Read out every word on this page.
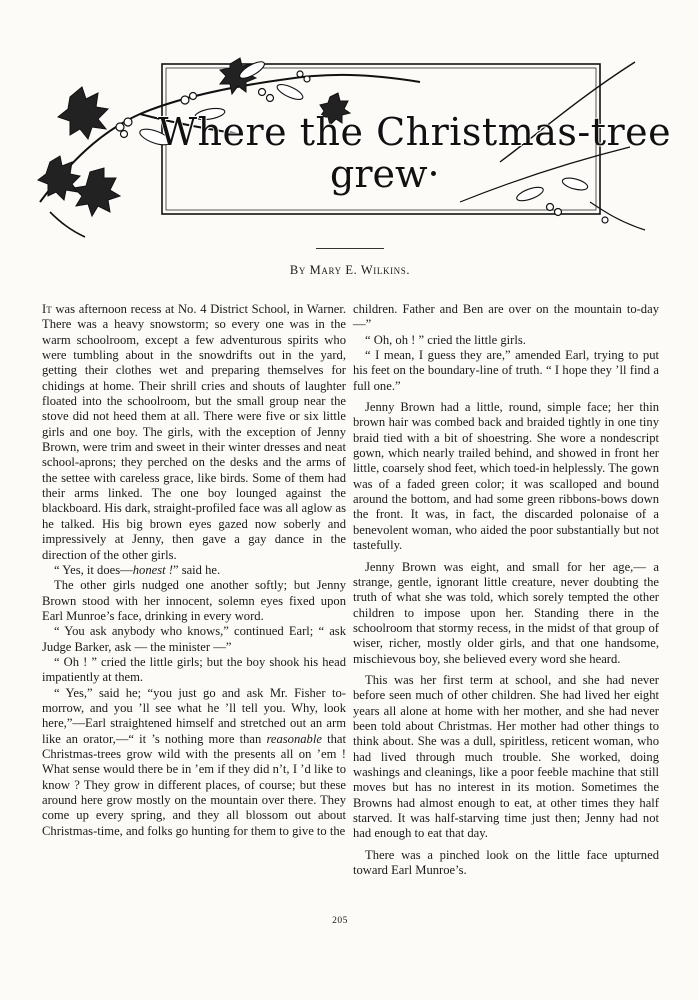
Where the Christmas-tree
grew·
By Mary E. Wilkins.

It was afternoon recess at No. 4 District School, in Warner. There was a heavy snowstorm; so every one was in the warm schoolroom, except a few adventurous spirits who were tumbling about in the snowdrifts out in the yard, getting their clothes wet and preparing themselves for chidings at home. Their shrill cries and shouts of laughter floated into the schoolroom, but the small group near the stove did not heed them at all. There were five or six little girls and one boy. The girls, with the exception of Jenny Brown, were trim and sweet in their winter dresses and neat school-aprons; they perched on the desks and the arms of the settee with careless grace, like birds. Some of them had their arms linked. The one boy lounged against the blackboard. His dark, straight-profiled face was all aglow as he talked. His big brown eyes gazed now soberly and impressively at Jenny, then gave a gay dance in the direction of the other girls.

“ Yes, it does—honest !” said he.

The other girls nudged one another softly; but Jenny Brown stood with her innocent, solemn eyes fixed upon Earl Munroe’s face, drinking in every word.

“ You ask anybody who knows,” continued Earl; “ ask Judge Barker, ask — the minister —”

“ Oh ! ” cried the little girls; but the boy shook his head impatiently at them.

“ Yes,” said he; “you just go and ask Mr. Fisher to-morrow, and you ’ll see what he ’ll tell you. Why, look here,”—Earl straightened himself and stretched out an arm like an orator,—“ it ’s nothing more than reasonable that Christmas-trees grow wild with the presents all on ’em ! What sense would there be in ’em if they did n’t, I ’d like to know ? They grow in different places, of course; but these around here grow mostly on the mountain over there. They come up every spring, and they all blossom out about Christmas-time, and folks go hunting for them to give to the

children. Father and Ben are over on the mountain to-day —”

“ Oh, oh ! ” cried the little girls.

“ I mean, I guess they are,” amended Earl, trying to put his feet on the boundary-line of truth. “ I hope they ’ll find a full one.”

Jenny Brown had a little, round, simple face; her thin brown hair was combed back and braided tightly in one tiny braid tied with a bit of shoestring. She wore a nondescript gown, which nearly trailed behind, and showed in front her little, coarsely shod feet, which toed-in helplessly. The gown was of a faded green color; it was scalloped and bound around the bottom, and had some green ribbons-bows down the front. It was, in fact, the discarded polonaise of a benevolent woman, who aided the poor substantially but not tastefully.

Jenny Brown was eight, and small for her age,— a strange, gentle, ignorant little creature, never doubting the truth of what she was told, which sorely tempted the other children to impose upon her. Standing there in the schoolroom that stormy recess, in the midst of that group of wiser, richer, mostly older girls, and that one handsome, mischievous boy, she believed every word she heard.

This was her first term at school, and she had never before seen much of other children. She had lived her eight years all alone at home with her mother, and she had never been told about Christmas. Her mother had other things to think about. She was a dull, spiritless, reticent woman, who had lived through much trouble. She worked, doing washings and cleanings, like a poor feeble machine that still moves but has no interest in its motion. Sometimes the Browns had almost enough to eat, at other times they half starved. It was half-starving time just then; Jenny had not had enough to eat that day.

There was a pinched look on the little face upturned toward Earl Munroe’s.

205
